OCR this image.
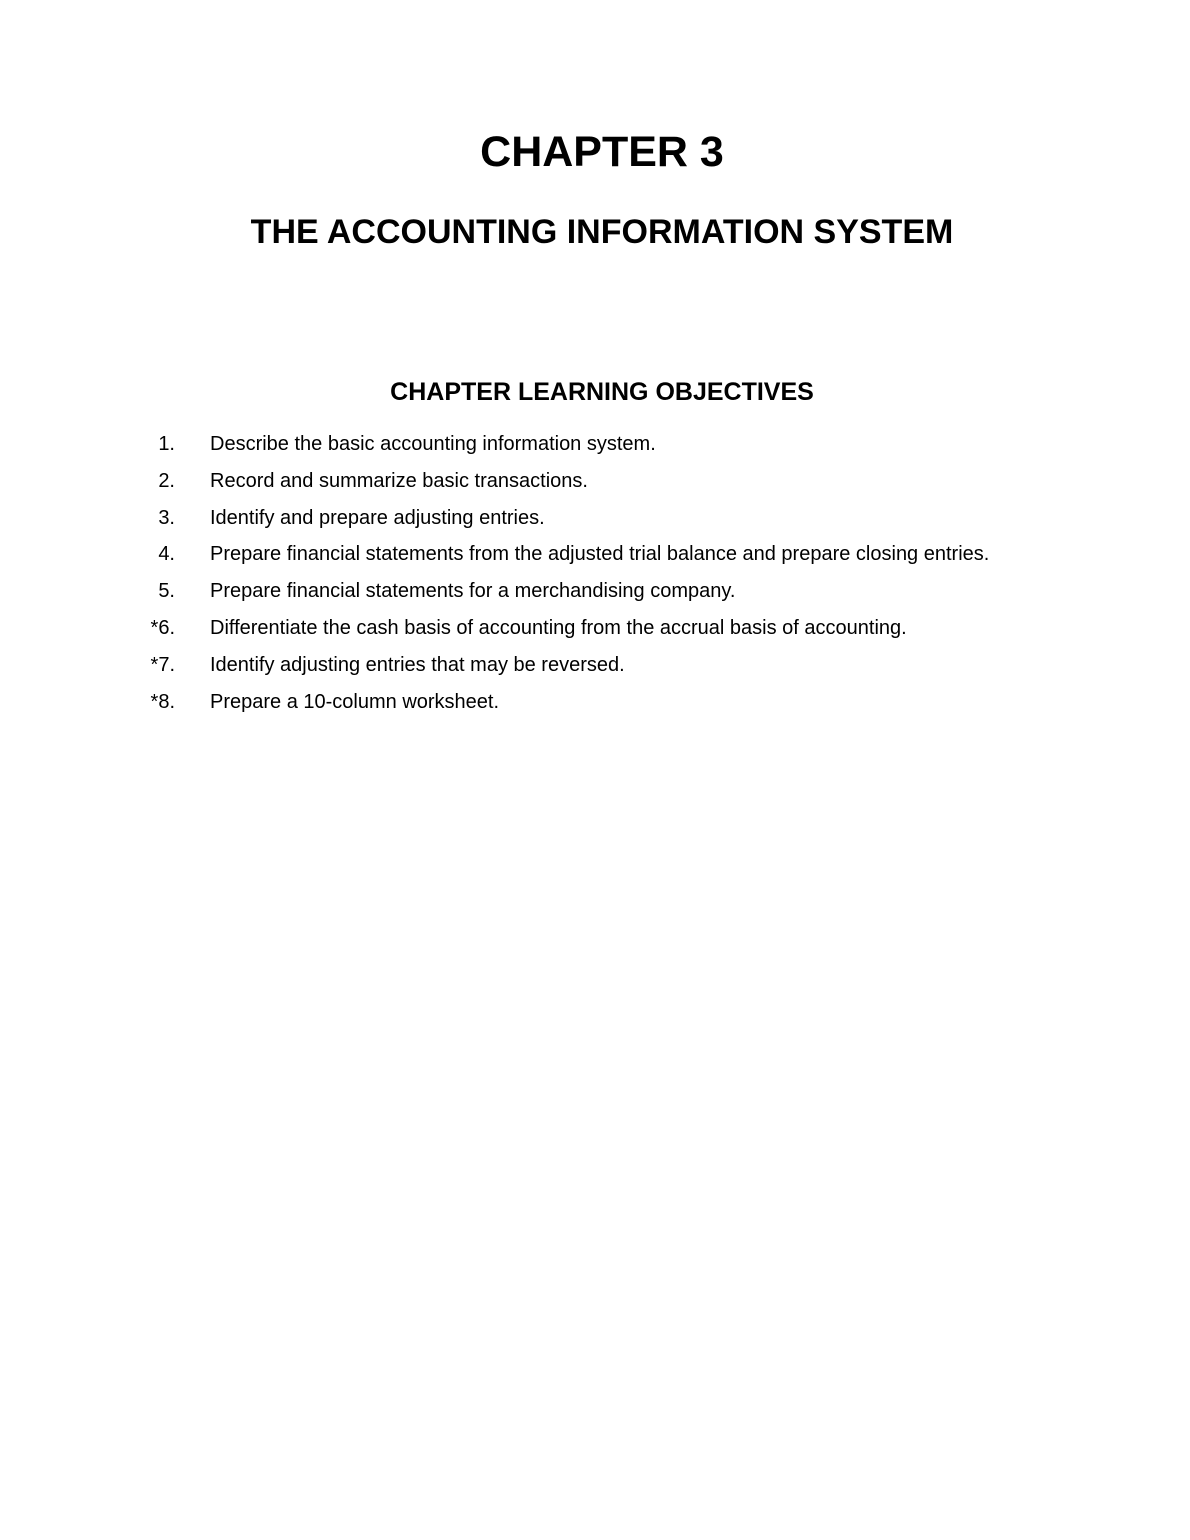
CHAPTER 3
THE ACCOUNTING INFORMATION SYSTEM
CHAPTER LEARNING OBJECTIVES
1. Describe the basic accounting information system.
2. Record and summarize basic transactions.
3. Identify and prepare adjusting entries.
4. Prepare financial statements from the adjusted trial balance and prepare closing entries.
5. Prepare financial statements for a merchandising company.
*6. Differentiate the cash basis of accounting from the accrual basis of accounting.
*7. Identify adjusting entries that may be reversed.
*8. Prepare a 10-column worksheet.
